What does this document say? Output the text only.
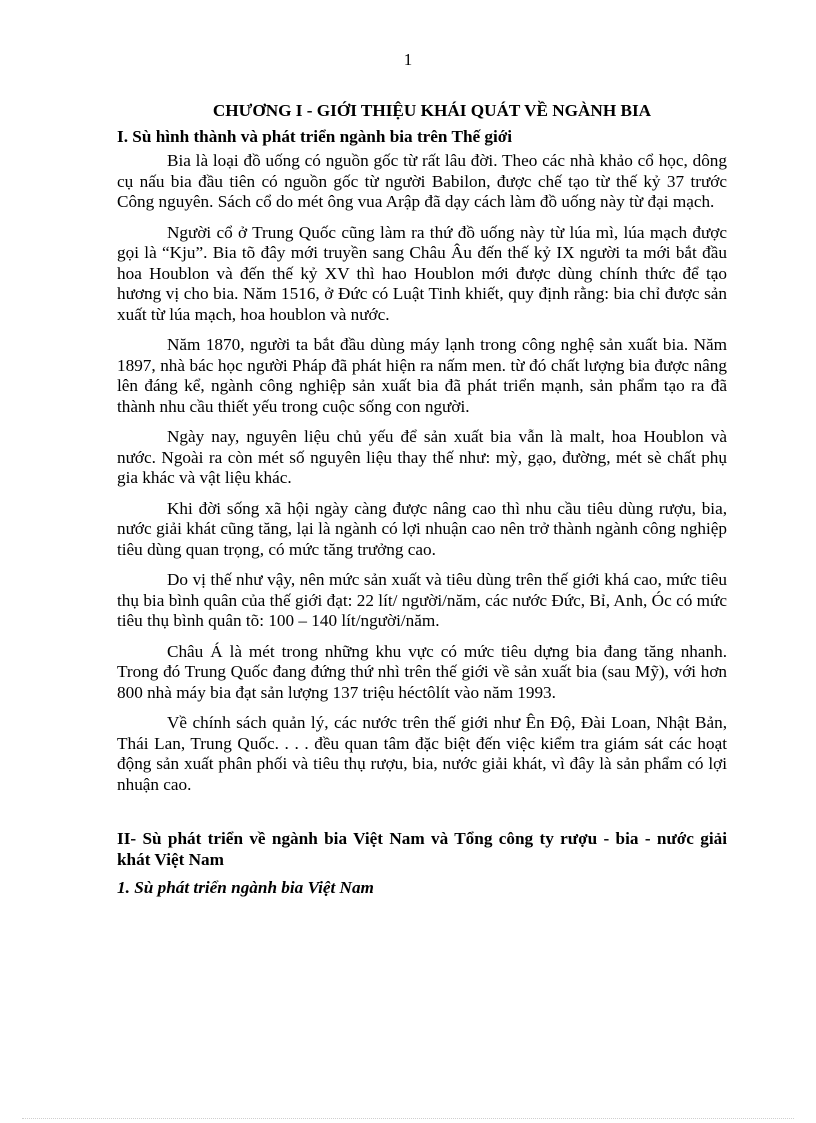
1
CHƯƠNG I - GIỚI THIỆU KHÁI QUÁT VỀ NGÀNH BIA
I. Sù hình thành và phát triển ngành bia trên Thế giới

Bia là loại đồ uống có nguồn gốc từ rất lâu đời. Theo các nhà khảo cổ học, dông cụ nấu bia đầu tiên có nguồn gốc từ người Babilon, được chế tạo từ thế kỷ 37 trước Công nguyên. Sách cổ do mét ông vua Arập đã dạy cách làm đồ uống này từ đại mạch.

Người cổ ở Trung Quốc cũng làm ra thứ đồ uống này từ lúa mì, lúa mạch được gọi là “Kju”. Bia tõ đây mới truyền sang Châu Âu đến thế kỷ IX người ta mới bắt đầu hoa Houblon và đến thế kỷ XV thì hao Houblon mới được dùng chính thức để tạo hương vị cho bia. Năm 1516, ở Đức có Luật Tinh khiết, quy định rằng: bia chỉ được sản xuất từ lúa mạch, hoa houblon và nước.

Năm 1870, người ta bắt đầu dùng máy lạnh trong công nghệ sản xuất bia. Năm 1897, nhà bác học người Pháp đã phát hiện ra nấm men. từ đó chất lượng bia được nâng lên đáng kể, ngành công nghiệp sản xuất bia đã phát triển mạnh, sản phẩm tạo ra đã thành nhu cầu thiết yếu trong cuộc sống con người.

Ngày nay, nguyên liệu chủ yếu để sản xuất bia vẫn là malt, hoa Houblon và nước. Ngoài ra còn mét số nguyên liệu thay thế như: mỳ, gạo, đường, mét sè chất phụ gia khác và vật liệu khác.

Khi đời sống xã hội ngày càng được nâng cao thì nhu cầu tiêu dùng rượu, bia, nước giải khát cũng tăng, lại là ngành có lợi nhuận cao nên trở thành ngành công nghiệp tiêu dùng quan trọng, có mức tăng trưởng cao.

Do vị thế như vậy, nên mức sản xuất và tiêu dùng trên thế giới khá cao, mức tiêu thụ bia bình quân của thế giới đạt: 22 lít/ người/năm, các nước Đức, Bỉ, Anh, Óc có mức tiêu thụ bình quân tõ: 100 – 140 lít/người/năm.

Châu Á là mét trong những khu vực có mức tiêu dựng bia đang tăng nhanh. Trong đó Trung Quốc đang đứng thứ nhì trên thế giới về sản xuất bia (sau Mỹ), với hơn 800 nhà máy bia đạt sản lượng 137 triệu héctôlít vào năm 1993.

Về chính sách quản lý, các nước trên thế giới như Ên Độ, Đài Loan, Nhật Bản, Thái Lan, Trung Quốc. . . . đều quan tâm đặc biệt đến việc kiểm tra giám sát các hoạt động sản xuất phân phối và tiêu thụ rượu, bia, nước giải khát, vì đây là sản phẩm có lợi nhuận cao.

II- Sù phát triển về ngành bia Việt Nam và Tổng công ty rượu - bia - nước giải khát Việt Nam
1. Sù phát triển ngành bia Việt Nam
